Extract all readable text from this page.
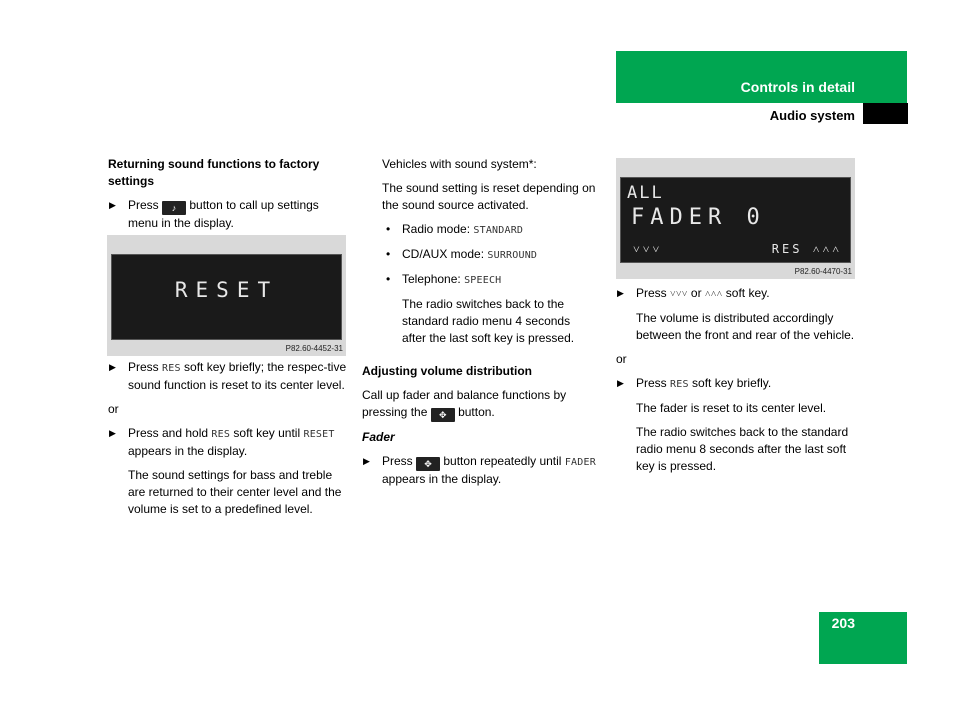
Controls in detail
Audio system

Returning sound functions to factory settings

▶ Press ♪ button to call up settings menu in the display.
RESET
P82.60-4452-31
▶ Press RES soft key briefly; the respec-tive sound function is reset to its center level.

or

▶ Press and hold RES soft key until RESET appears in the display.
The sound settings for bass and treble are returned to their center level and the volume is set to a predefined level.

Vehicles with sound system*:

The sound setting is reset depending on the sound source activated.

• Radio mode: STANDARD
• CD/AUX mode: SURROUND
• Telephone: SPEECH
The radio switches back to the standard radio menu 4 seconds after the last soft key is pressed.

Adjusting volume distribution

Call up fader and balance functions by pressing the ✥ button.

Fader

▶ Press ✥ button repeatedly until FADER appears in the display.
ALL
FADER 0
˅˅˅	RES ˄˄˄
P82.60-4470-31
▶ Press ˅˅˅ or ˄˄˄ soft key.
The volume is distributed accordingly between the front and rear of the vehicle.

or

▶ Press RES soft key briefly.
The fader is reset to its center level.
The radio switches back to the standard radio menu 8 seconds after the last soft key is pressed.
203
